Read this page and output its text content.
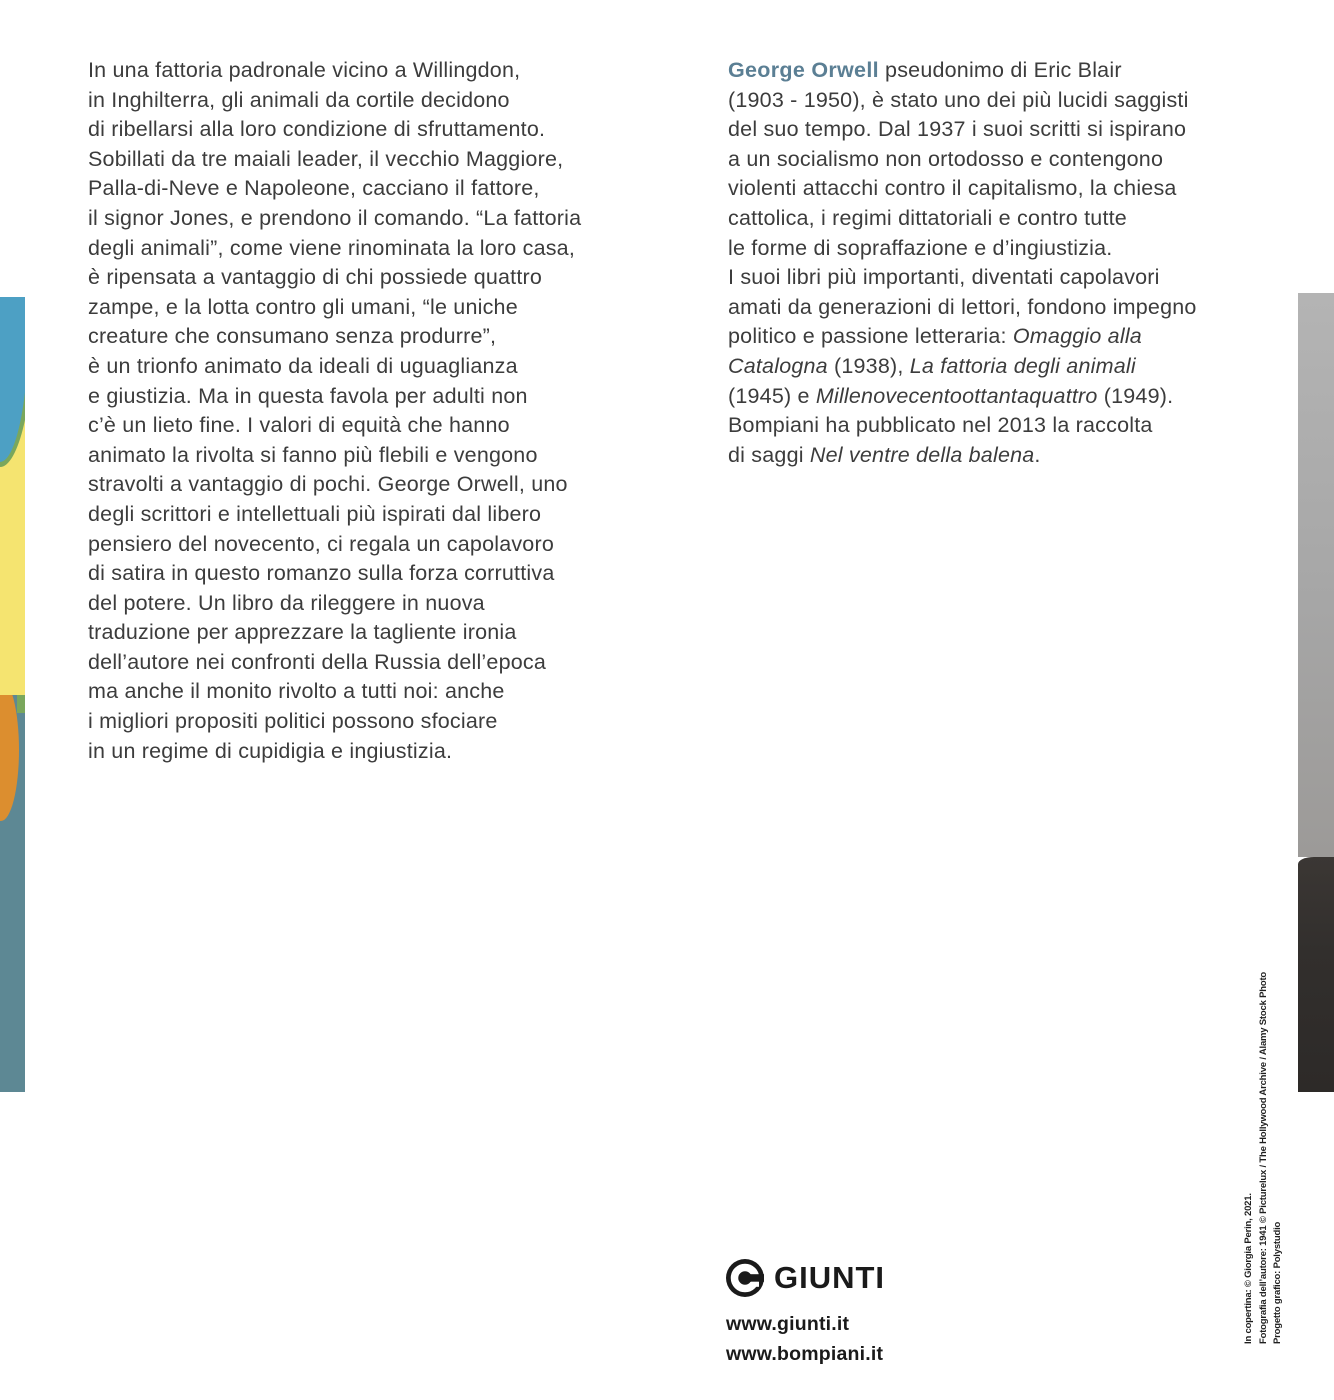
In una fattoria padronale vicino a Willingdon,
in Inghilterra, gli animali da cortile decidono
di ribellarsi alla loro condizione di sfruttamento.
Sobillati da tre maiali leader, il vecchio Maggiore,
Palla-di-Neve e Napoleone, cacciano il fattore,
il signor Jones, e prendono il comando. “La fattoria
degli animali”, come viene rinominata la loro casa,
è ripensata a vantaggio di chi possiede quattro
zampe, e la lotta contro gli umani, “le uniche
creature che consumano senza produrre”,
è un trionfo animato da ideali di uguaglianza
e giustizia. Ma in questa favola per adulti non
c’è un lieto fine. I valori di equità che hanno
animato la rivolta si fanno più flebili e vengono
stravolti a vantaggio di pochi. George Orwell, uno
degli scrittori e intellettuali più ispirati dal libero
pensiero del novecento, ci regala un capolavoro
di satira in questo romanzo sulla forza corruttiva
del potere. Un libro da rileggere in nuova
traduzione per apprezzare la tagliente ironia
dell’autore nei confronti della Russia dell’epoca
ma anche il monito rivolto a tutti noi: anche
i migliori propositi politici possono sfociare
in un regime di cupidigia e ingiustizia.
George Orwell pseudonimo di Eric Blair
(1903 - 1950), è stato uno dei più lucidi saggisti
del suo tempo. Dal 1937 i suoi scritti si ispirano
a un socialismo non ortodosso e contengono
violenti attacchi contro il capitalismo, la chiesa
cattolica, i regimi dittatoriali e contro tutte
le forme di sopraffazione e d’ingiustizia.
I suoi libri più importanti, diventati capolavori
amati da generazioni di lettori, fondono impegno
politico e passione letteraria: Omaggio alla
Catalogna (1938), La fattoria degli animali
(1945) e Millenovecentoottantaquattro (1949).
Bompiani ha pubblicato nel 2013 la raccolta
di saggi Nel ventre della balena.
GIUNTI
www.giunti.it
www.bompiani.it
In copertina: © Giorgia Perin, 2021. Fotografia dell’autore: 1941 © Picturelux / The Hollywood Archive / Alamy Stock Photo Progetto grafico: Polystudio
